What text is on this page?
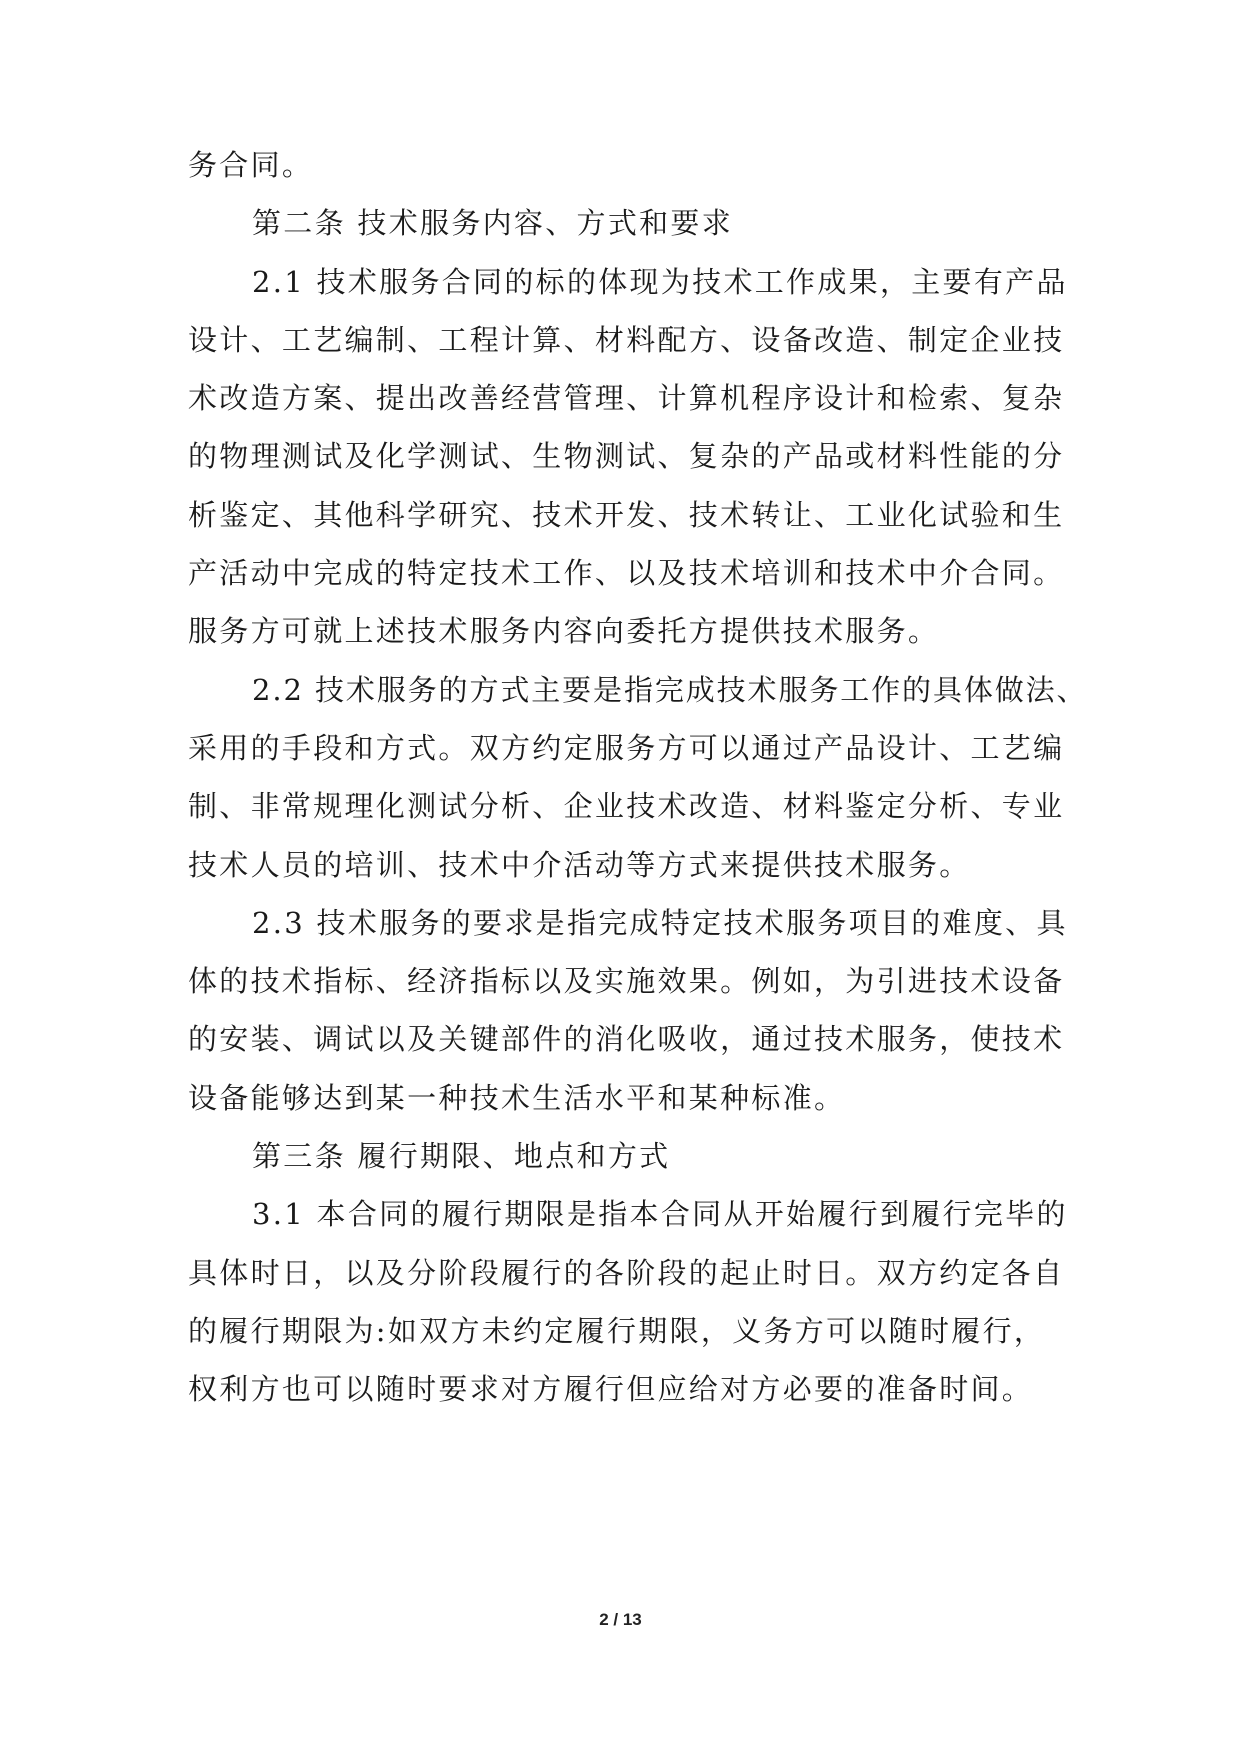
务合同。
第二条 技术服务内容、方式和要求
2.1 技术服务合同的标的体现为技术工作成果，主要有产品
设计、工艺编制、工程计算、材料配方、设备改造、制定企业技
术改造方案、提出改善经营管理、计算机程序设计和检索、复杂
的物理测试及化学测试、生物测试、复杂的产品或材料性能的分
析鉴定、其他科学研究、技术开发、技术转让、工业化试验和生
产活动中完成的特定技术工作、以及技术培训和技术中介合同。
服务方可就上述技术服务内容向委托方提供技术服务。
2.2 技术服务的方式主要是指完成技术服务工作的具体做法、
采用的手段和方式。双方约定服务方可以通过产品设计、工艺编
制、非常规理化测试分析、企业技术改造、材料鉴定分析、专业
技术人员的培训、技术中介活动等方式来提供技术服务。
2.3 技术服务的要求是指完成特定技术服务项目的难度、具
体的技术指标、经济指标以及实施效果。例如，为引进技术设备
的安装、调试以及关键部件的消化吸收，通过技术服务，使技术
设备能够达到某一种技术生活水平和某种标准。
第三条 履行期限、地点和方式
3.1 本合同的履行期限是指本合同从开始履行到履行完毕的
具体时日，以及分阶段履行的各阶段的起止时日。双方约定各自
的履行期限为:如双方未约定履行期限，义务方可以随时履行，
权利方也可以随时要求对方履行但应给对方必要的准备时间。
2 / 13
